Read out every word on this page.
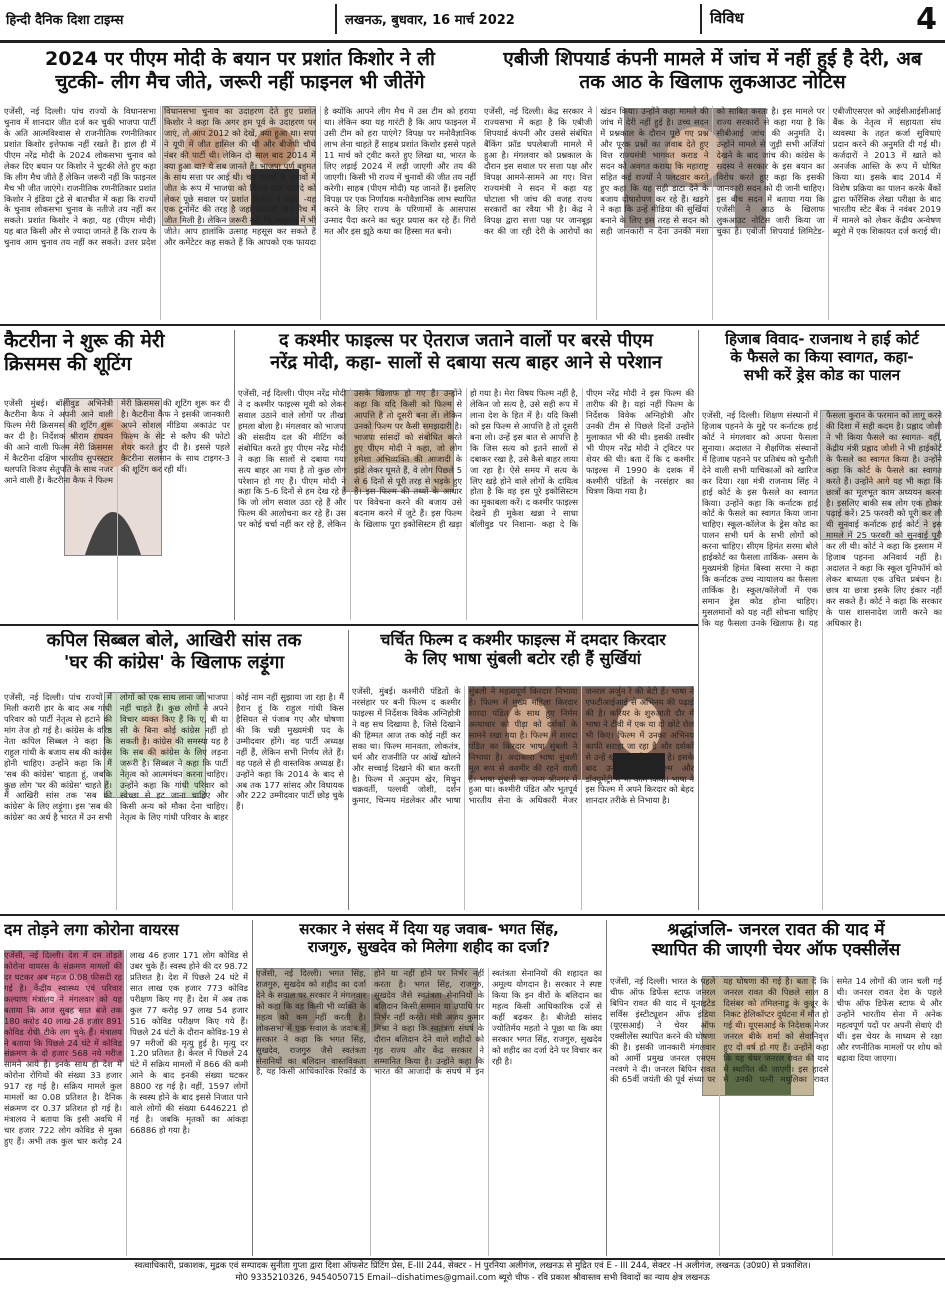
हिन्दी दैनिक दिशा टाइम्स	लखनऊ, बुधवार, 16 मार्च 2022	विविध	4

2024 पर पीएम मोदी के बयान पर प्रशांत किशोर ने ली

चुटकी- लीग मैच जीते, जरूरी नहीं फाइनल भी जीतेंगे

एजेंसी, नई दिल्ली। पांच राज्यों के विधानसभा चुनाव में शानदार जीत दर्ज कर चुकी भाजपा पार्टी के अति आत्मविश्वास से राजनीतिक रणनीतिकार प्रशांत किशोर इत्तेफाक नहीं रखते हैं। हाल ही में पीएम नरेंद्र मोदी के 2024 लोकसभा चुनाव को लेकर दिए बयान पर किशोर ने चुटकी लेते हुए कहा कि लीग मैच जीते हैं लेकिन जरूरी नहीं कि फाइनल मैच भी जीत जाएंगे। राजनीतिक रणनीतिकार प्रशांत किशोर ने इंडिया टुडे से बातचीत में कहा कि राज्यों के चुनाव लोकसभा चुनाव के नतीजे तय नहीं कर सकते। प्रशांत किशोर ने कहा, यह (पीएम मोदी) यह बात किसी और से ज्यादा जानते हैं कि राज्य के चुनाव आम चुनाव तय नहीं कर सकते। उत्तर प्रदेश विधानसभा चुनाव का उदाहरण देते हुए प्रशांत किशोर ने कहा कि अगर हम पूर्व के उदाहरण पर जाएं, तो आप 2012 को देखें, क्या हुआ था। सपा ने यूपी में जीत हासिल की थी और बीजेपी चौथे नंबर की पार्टी थी। लेकिन दो साल बाद 2014 में क्या हुआ था? ये सब जानते हैं। भाजपा पूर्ण बहुमत के साथ सत्ता पर आई थी। चार राज्यों के चुनावों में जीत के रूप में भाजपा को मिलने वाले फायदे को लेकर पूछे सवाल पर प्रशांत किशोर ने कहा, -यह एक टूर्नामेंट की तरह है जहां आपको लीग मैच में जीत मिली है। लेकिन जरूरी नहीं कि फाइनल में भी जीते। आप हालांकि उत्साह महसूस कर सकते हैं और कमेंटेटर कह सकते हैं कि आपको एक फायदा है क्योंकि आपने लीग मैच में उस टीम को हराया था। लेकिन क्या यह गारंटी है कि आप फाइनल में उसी टीम को हरा पाएंगे? विपक्ष पर मनोवैज्ञानिक लाभ लेना चाहते हैं साहब प्रशांत किशोर इससे पहले 11 मार्च को ट्वीट करते हुए लिखा था, भारत के लिए लड़ाई 2024 में लड़ी जाएगी और तय की जाएगी। किसी भी राज्य में चुनावों की जीत तय नहीं करेगी। साहब (पीएम मोदी) यह जानते हैं। इसलिए विपक्ष पर एक निर्णायक मनोवैज्ञानिक लाभ स्थापित करने के लिए राज्य के परिणामों के आसपास उन्माद पैदा करने का चतुर प्रयास कर रहे हैं। गिरो मत और इस झूठे कथा का हिस्सा मत बनो।

एबीजी शिपयार्ड कंपनी मामले में जांच में नहीं हुई है देरी, अब

तक आठ के खिलाफ लुकआउट नोटिस

एजेंसी, नई दिल्ली। केंद्र सरकार ने राज्यसभा में कहा है कि एबीजी शिपयार्ड कंपनी और उससे संबंधित बैंकिंग फ्रॉड घपलेबाजी मामले में हुआ है। मंगलवार को प्रश्नकाल के दौरान इस सवाल पर सत्ता पक्ष और विपक्ष आमने-सामने आ गए। वित्त राज्यमंत्री ने सदन में कहा यह घोटाला भी जांच की वजह राज्य सरकारों का रवैया भी है। केंद्र ने विपक्ष द्वारा सत्ता पक्ष पर जानबूझ कर की जा रही देरी के आरोपों का खंडन किया। उन्होंने कहा मामले की जांच में देरी नहीं हुई है। उच्च सदन में प्रश्नकाल के दौरान पूछे गए प्रश्न और पूरक प्रश्नों का जवाब देते हुए वित्त राज्यमंत्री भागवत कराड ने सदन को अवगत कराया कि महाराष्ट्र सहित कई राज्यों ने पलटवार करते हुए कहा कि यह सही डाटा देने के बजाय दोषारोपण कर रहे हैं। खड़गे ने कहा कि उन्हें मीडिया की सुर्खियां बनाने के लिए इस तरह से सदन को सही जानकारी न देना उनकी मंशा को साबित करता है। इस मामले पर राज्य सरकारों से कहा गया है कि सीबीआई जांच की अनुमति दें। उन्होंने मामले से जुड़ी सभी अर्जियां देखने के बाद जांच की। कांग्रेस के सदस्य ने सरकार के इस बयान का विरोध करते हुए कहा कि इसकी जानकारी सदन को दी जानी चाहिए। इस बीच सदन में बताया गया कि एजेंसी ने आठ के खिलाफ लुकआउट नोटिस जारी किया जा चुका है। एबीजी शिपयार्ड लिमिटेड-एबीजीएसएल को आईसीआईसीआई बैंक के नेतृत्व में सहायता संघ व्यवस्था के तहत कर्जा सुविधाएं प्रदान करने की अनुमति दी गई थी। कर्जदारों ने 2013 में खाते को अनर्जक आस्ति के रूप में घोषित किया था। इसके बाद 2014 में विशेष प्रक्रिया का पालन करके बैंकों द्वारा फॉरेंसिक लेखा परीक्षा के बाद भारतीय स्टेट बैंक ने नवंबर 2019 में मामले को लेकर केंद्रीय अन्वेषण ब्यूरो में एक शिकायत दर्ज कराई थी।

कैटरीना ने शुरू की मेरी

क्रिसमस की शूटिंग

एजेंसी मुंबई। बॉलीवुड अभिनेत्री कैटरीना कैफ ने अपनी आने वाली फिल्म मेरी क्रिसमस की शूटिंग शुरू कर दी है। निर्देशक श्रीराम राघवन की आने वाली फिल्म मेरी क्रिसमस में कैटरीना दक्षिण भारतीय सुपरस्टार थलपति विजय सेतुपति के साथ नजर आने वाली हैं। कैटरीना कैफ ने फिल्म मेरी क्रिसमस की शूटिंग शुरू कर दी है। कैटरीना कैफ ने इसकी जानकारी अपने सोशल मीडिया अकाउंट पर फिल्म के सेट से क्लैप की फोटो शेयर करते हुए दी है। इससे पहले कैटरीना सलमान के साथ टाइगर-3 की शूटिंग कर रही थीं।

द कश्मीर फाइल्स पर ऐतराज जताने वालों पर बरसे पीएम

नरेंद्र मोदी, कहा- सालों से दबाया सत्य बाहर आने से परेशान

एजेंसी, नई दिल्ली। पीएम नरेंद्र मोदी ने द कश्मीर फाइल्स मूवी को लेकर सवाल उठाने वाले लोगों पर तीखा हमला बोला है। मंगलवार को भाजपा की संसदीय दल की मीटिंग को संबोधित करते हुए पीएम नरेंद्र मोदी ने कहा कि सालों से दबाया गया सत्य बाहर आ गया है तो कुछ लोग परेशान हो गए हैं। पीएम मोदी ने कहा कि 5-6 दिनों से हम देख रहे हैं कि जो लोग सवाल उठा रहे हैं और फिल्म की आलोचना कर रहे हैं। उस पर कोई चर्चा नहीं कर रहे हैं, लेकिन उसके खिलाफ हो गए हैं। उन्होंने कहा कि यदि किसी को फिल्म से आपत्ति है तो दूसरी बना लें। लेकिन उनको फिल्म पर कैसी समझदारी है। भाजपा सांसदों को संबोधित करते हुए पीएम मोदी ने कहा, जो लोग हमेशा अभिव्यक्ति की आजादी के झंडे लेकर घूमते हैं, वे लोग पिछले 5 से 6 दिनों से पूरी तरह से भड़के हुए हैं। इस फिल्म की तथ्यों के आधार पर विवेचना करने की बजाय उसे बदनाम करने में जुटे हैं। इस फिल्म के खिलाफ पूरा इकोसिस्टम ही खड़ा हो गया है। मेरा विषय फिल्म नहीं है, लेकिन जो सत्य है, उसे सही रूप में लाना देश के हित में है। यदि किसी को इस फिल्म से आपत्ति है तो दूसरी बना लो। उन्हें इस बात से आपत्ति है कि जिस सत्य को इतने सालों से दबाकर रखा है, उसे कैसे बाहर लाया जा रहा है। ऐसे समय में सत्य के लिए खड़े होने वाले लोगों के दायित्व होता है कि वह इस पूरे इकोसिस्टम का मुकाबला करें। द कश्मीर फाइल्स देखने ही मुकेश खन्ना ने साधा बॉलीवुड पर निशाना- कहा दे कि पीएम नरेंद्र मोदी ने इस फिल्म की तारीफ की है। यहां नहीं फिल्म के निर्देशक विवेक अग्निहोत्री और उनकी टीम से पिछले दिनों उन्होंने मुलाकात भी की थी। इसकी तस्वीर भी पीएम नरेंद्र मोदी ने ट्विटर पर शेयर की थी। बता दें कि द कश्मीर फाइल्स में 1990 के दशक में कश्मीरी पंडितों के नरसंहार का चित्रण किया गया है।

हिजाब विवाद- राजनाथ ने हाई कोर्ट

के फैसले का किया स्वागत, कहा-

सभी करें ड्रेस कोड का पालन

एजेंसी, नई दिल्ली। शिक्षण संस्थानों में हिजाब पहनने के मुद्दे पर कर्नाटक हाई कोर्ट ने मंगलवार को अपना फैसला सुनाया। अदालत ने शैक्षणिक संस्थानों में हिजाब पहनने पर प्रतिबंध को चुनौती देने वाली सभी याचिकाओं को खारिज कर दिया। रक्षा मंत्री राजनाथ सिंह ने हाई कोर्ट के इस फैसले का स्वागत किया। उन्होंने कहा कि कर्नाटक हाई कोर्ट के फैसले का स्वागत किया जाना चाहिए। स्कूल-कॉलेज के ड्रेस कोड का पालन सभी धर्म के सभी लोगों को करना चाहिए। सीएम हिमंत सरमा बोले हाईकोर्ट का फैसला तार्किक- असम के मुख्यमंत्री हिमंत बिस्वा सरमा ने कहा कि कर्नाटक उच्च न्यायालय का फैसला तार्किक है। स्कूल/कॉलेजों में एक समान ड्रेस कोड होना चाहिए। मुसलमानों को यह नहीं सोचना चाहिए कि यह फैसला उनके खिलाफ है। यह फैसला कुरान के फरमान को लागू करने की दिशा में सही कदम है। प्रह्लाद जोशी ने भी किया फैसले का स्वागत- वहीं, केंद्रीय मंत्री प्रह्लाद जोशी ने भी हाईकोर्ट के फैसले का स्वागत किया है। उन्होंने कहा कि कोर्ट के फैसले का स्वागत करते हैं। उन्होंने आगे यह भी कहा कि छात्रों का मूलभूत काम अध्ययन करना है। इसलिए बाकी सब लोग एक होकर पढ़ाई करें। 25 फरवरी को पूरी कर ली थी सुनवाई कर्नाटक हाई कोर्ट ने इस मामले में 25 फरवरी को सुनवाई पूरी कर ली थी। कोर्ट ने कहा कि इस्लाम में हिजाब पहनना अनिवार्य नहीं है। अदालत ने कहा कि स्कूल यूनिफॉर्म को लेकर बाध्यता एक उचित प्रबंधन है। छात्र या छात्रा इसके लिए इंकार नहीं कर सकते हैं। कोर्ट ने कहा कि सरकार के पास शासनादेश जारी करने का अधिकार है।

कपिल सिब्बल बोले, आखिरी सांस तक

'घर की कांग्रेस' के खिलाफ लड़ूंगा

एजेंसी, नई दिल्ली। पांच राज्यों में मिली करारी हार के बाद अब गांधी परिवार को पार्टी नेतृत्व से हटाने की मांग तेज हो गई है। कांग्रेस के वरिष्ठ नेता कपिल सिब्बल ने कहा कि राहुल गांधी के बजाय सब की कांग्रेस होनी चाहिए। उन्होंने कहा कि मैं 'सब की कांग्रेस' चाहता हूं, जबकि कुछ लोग 'घर की कांग्रेस' चाहते हैं। मैं आखिरी सांस तक 'सब की कांग्रेस' के लिए लड़ूंगा। इस 'सब की कांग्रेस' का अर्थ है भारत में उन सभी लोगों को एक साथ लाना जो भाजपा नहीं चाहते हैं। कुछ लोगों ने अपने विचार व्यक्त किए हैं कि ए, बी या सी के बिना कोई कांग्रेस नहीं हो सकती है। कांग्रेस की समस्या यह है कि सब की कांग्रेस के लिए लड़ना जरूरी है। सिब्बल ने कहा कि पार्टी नेतृत्व को आत्ममंथन करना चाहिए। उन्होंने कहा कि गांधी परिवार को स्वेच्छा से हट जाना चाहिए और किसी अन्य को मौका देना चाहिए। नेतृत्व के लिए गांधी परिवार के बाहर कोई नाम नहीं सुझाया जा रहा है। मैं हैरान हूं कि राहुल गांधी किस हैसियत से पंजाब गए और घोषणा की कि चन्नी मुख्यमंत्री पद के उम्मीदवार होंगे। वह पार्टी अध्यक्ष नहीं हैं, लेकिन सभी निर्णय लेते हैं। वह पहले से ही वास्तविक अध्यक्ष हैं। उन्होंने कहा कि 2014 के बाद से अब तक 177 सांसद और विधायक और 222 उम्मीदवार पार्टी छोड़ चुके हैं।

चर्चित फिल्म द कश्मीर फाइल्स में दमदार किरदार

के लिए भाषा सुंबली बटोर रही हैं सुर्खियां

एजेंसी, मुंबई। कश्मीरी पंडितों के नरसंहार पर बनी फिल्म द कश्मीर फाइल्स में निर्देशक विवेक अग्निहोत्री ने वह सच दिखाया है, जिसे दिखाने की हिम्मत आज तक कोई नहीं कर सका था। फिल्म मानवता, लोकतंत्र, धर्म और राजनीति पर आंखें खोलने और सच्चाई दिखाने की बात करती है। फिल्म में अनुपम खेर, मिथुन चक्रवर्ती, पल्लवी जोशी, दर्शन कुमार, चिन्मय मंडलेकर और भाषा सुंबली ने महत्वपूर्ण किरदार निभाया है। फिल्म में मुख्य महिला किरदार शारदा पंडित के साथ हुए निर्मम अत्याचार को पीड़ा को दर्शकों के सामने रखा गया है। फिल्म में शारदा पंडित का किरदार भाषा सुंबली ने निभाया है। अदाकारा भाषा सुंबली मूल रूप से कश्मीर की रहने वाली हैं। भाषा सुंबली का जन्म श्रीनगर में हुआ था। कश्मीरी पंडित और भूतपूर्व भारतीय सेना के अधिकारी मेजर जनरल अर्जुन रे की बेटी हैं। भाषा ने एफटीआईआई से अभिनय की पढ़ाई की है। करियर के शुरुआती दौर में भाषा ने टीवी में एक या दो छोटे रोल भी किए। फिल्म में उनका अभिनय काफी सराहा जा रहा है और दर्शकों से उन्हें खूब प्यार मिल रहा है। इसके बाद उन्होंने शॉर्ट फिल्म और डॉक्यूमेंट्री में भी काम किया। भाषा ने इस फिल्म में अपने किरदार को बेहद शानदार तरीके से निभाया है।

दम तोड़ने लगा कोरोना वायरस

एजेंसी, नई दिल्ली। देश में दम तोड़ते कोरोना वायरस के संक्रमण मामलों की दर घटकर अब महज 0.08 फीसदी रह गई है। केंद्रीय स्वास्थ्य एवं परिवार कल्याण मंत्रालय ने मंगलवार को यह बताया कि आज सुबह सात बजे तक 180 करोड़ 40 लाख 28 हजार 891 कोविड रोधी टीके लग चुके हैं। मंत्रालय ने बताया कि पिछले 24 घंटे में कोविड संक्रमण के दो हजार 568 नये मरीज सामने आये हैं। इनके साथ ही देश में कोरोना रोगियों की संख्या 33 हजार 917 रह गई है। सक्रिय मामले कुल मामलों का 0.08 प्रतिशत है। दैनिक संक्रमण दर 0.37 प्रतिशत हो गई है। मंत्रालय ने बताया कि इसी अवधि में चार हजार 722 लोग कोविड से मुक्त हुए हैं। अभी तक कुल चार करोड़ 24 लाख 46 हजार 171 लोग कोविड से उबर चुके हैं। स्वस्थ होने की दर 98.72 प्रतिशत है। देश में पिछले 24 घंटे में सात लाख एक हजार 773 कोविड परीक्षण किए गए हैं। देश में अब तक कुल 77 करोड़ 97 लाख 54 हजार 516 कोविड परीक्षण किए गये हैं। पिछले 24 घंटों के दौरान कोविड-19 से 97 मरीजों की मृत्यु हुई है। मृत्यु दर 1.20 प्रतिशत है। केरल में पिछले 24 घंटे में सक्रिय मामलों में 866 की कमी आने के बाद इनकी संख्या घटकर 8800 रह गई है। वहीं, 1597 लोगों के स्वस्थ होने के बाद इससे निजात पाने वाले लोगों की संख्या 6446221 हो गई है। जबकि मृतकों का आंकड़ा 66886 हो गया है।

सरकार ने संसद में दिया यह जवाब- भगत सिंह,

राजगुरु, सुखदेव को मिलेगा शहीद का दर्जा?

एजेंसी, नई दिल्ली। भगत सिंह, राजगुरु, सुखदेव को शहीद का दर्जा देने के सवाल पर सरकार ने मंगलवार को कहा कि वह किसी भी व्यक्ति के महत्व को कम नहीं करती है। लोकसभा में एक सवाल के जवाब में सरकार ने कहा कि भगत सिंह, सुखदेव, राजगुरु जैसे स्वतंत्रता सेनानियों का बलिदान वास्तविकता है, यह किसी आधिकारिक रिकॉर्ड के होने या नहीं होने पर निर्भर नहीं करता है। भगत सिंह, राजगुरु, सुखदेव जैसे स्वतंत्रता सेनानियों के बलिदान किसी सम्मान या उपाधि पर निर्भर नहीं करते। मंत्री अजय कुमार मिश्रा ने कहा कि स्वतंत्रता संघर्ष के दौरान बलिदान देने वाले शहीदों को गृह राज्य और केंद्र सरकार ने सम्मानित किया है। उन्होंने कहा कि भारत की आजादी के संघर्ष में इन स्वतंत्रता सेनानियों की शहादत का अमूल्य योगदान है। सरकार ने स्पष्ट किया कि इन वीरों के बलिदान का महत्व किसी आधिकारिक दर्जे से कहीं बढ़कर है। बीजेडी सांसद ज्योतिर्मय महतो ने पूछा था कि क्या सरकार भगत सिंह, राजगुरु, सुखदेव को शहीद का दर्जा देने पर विचार कर रही है।

श्रद्धांजलि- जनरल रावत की याद में

स्थापित की जाएगी चेयर ऑफ एक्सीलेंस

एजेंसी, नई दिल्ली। भारत के पहले चीफ ऑफ डिफेंस स्टाफ जनरल बिपिन रावत की याद में यूनाइटेड सर्विस इंस्टीट्यूशन ऑफ इंडिया (यूएसआई) ने चेयर ऑफ एक्सीलेंस स्थापित करने की घोषणा की है। इसकी जानकारी मंगलवार को आर्मी प्रमुख जनरल एमएम नरवणे ने दी। जनरल बिपिन रावत की 65वीं जयंती की पूर्व संध्या पर यह घोषणा की गई है। बता दें कि जनरल रावत की पिछले साल 8 दिसंबर को तमिलनाडु के कुन्नूर के निकट हेलिकॉप्टर दुर्घटना में मौत हो गई थी। यूएसआई के निदेशक मेजर जनरल बीके शर्मा को सेवानिवृत्त हुए दो वर्ष हो गए हैं। उन्होंने कहा कि यह चेयर जनरल रावत की याद में स्थापित की जाएगी। इस हादसे में उनकी पत्नी मधुलिका रावत समेत 14 लोगों की जान चली गई थी। जनरल रावत देश के पहले चीफ ऑफ डिफेंस स्टाफ थे और उन्होंने भारतीय सेना में अनेक महत्वपूर्ण पदों पर अपनी सेवाएं दी थीं। इस चेयर के माध्यम से रक्षा और रणनीतिक मामलों पर शोध को बढ़ावा दिया जाएगा।
स्वत्वाधिकारी, प्रकाशक, मुद्रक एवं सम्पादक सुनीता गुप्ता द्वारा दिशा ऑफसेट प्रिंटिंग प्रेस, E-III 244, सेक्टर - H पुरनिया अलीगंज, लखनऊ से मुद्रित एवं E - III 244, सेक्टर -H अलीगंज, लखनऊ (उ0प्र0) से प्रकाशित।
मो0 9335210326, 9454050715 Email--dishatimes@gmail.com ब्यूरो चीफ - रवि प्रकाश श्रीवास्तव सभी विवादों का न्याय क्षेत्र लखनऊ
